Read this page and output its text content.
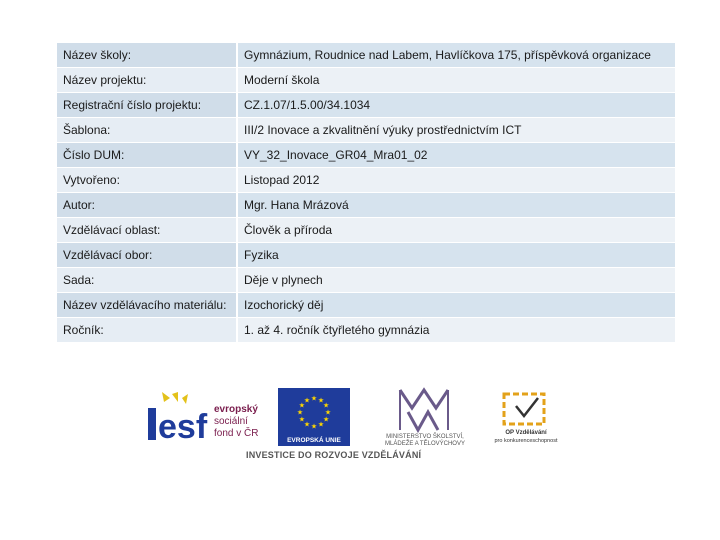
Název školy:	Gymnázium, Roudnice nad Labem, Havlíčkova 175, příspěvková organizace
Název projektu:	Moderní škola
Registrační číslo projektu:	CZ.1.07/1.5.00/34.1034
Šablona:	III/2 Inovace a zkvalitnění výuky prostřednictvím ICT
Číslo DUM:	VY_32_Inovace_GR04_Mra01_02
Vytvořeno:	Listopad 2012
Autor:	Mgr. Hana Mrázová
Vzdělávací oblast:	Člověk a příroda
Vzdělávací obor:	Fyzika
Sada:	Děje v plynech
Název vzdělávacího materiálu:	Izochorický děj
Ročník:	1. až 4. ročník čtyřletého gymnázia
esf evropský
sociální
fond v ČR
★
★
★
★
★
★
★
★
★ ★ ★
★
EVROPSKÁ UNIE	MINISTERSTVO ŠKOLSTVÍ,
MLÁDEŽE A TĚLOVÝCHOVY
OP Vzdělávání
pro konkurenceschopnost
INVESTICE DO ROZVOJE VZDĚLÁVÁNÍ
